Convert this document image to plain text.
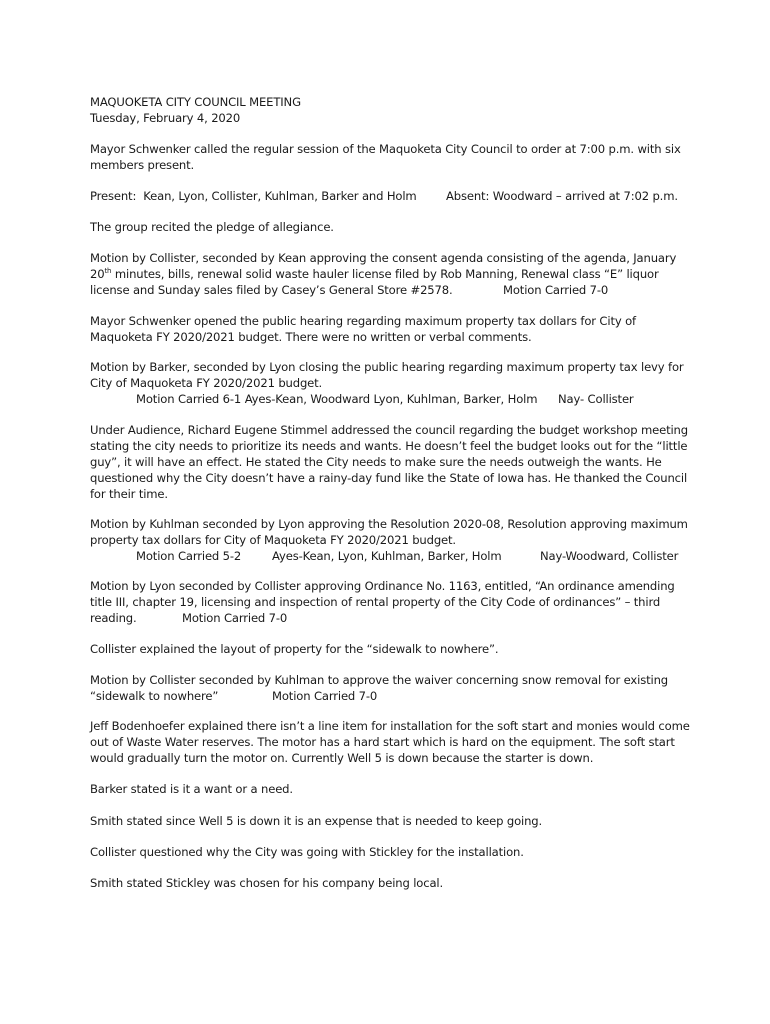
MAQUOKETA CITY COUNCIL MEETING
Tuesday, February 4, 2020
Mayor Schwenker called the regular session of the Maquoketa City Council to order at 7:00 p.m. with six
members present.
Present:  Kean, Lyon, Collister, Kuhlman, Barker and Holm	Absent: Woodward – arrived at 7:02 p.m.
The group recited the pledge of allegiance.
Motion by Collister, seconded by Kean approving the consent agenda consisting of the agenda, January
20th minutes, bills, renewal solid waste hauler license filed by Rob Manning, Renewal class “E” liquor
license and Sunday sales filed by Casey’s General Store #2578.	Motion Carried 7-0
Mayor Schwenker opened the public hearing regarding maximum property tax dollars for City of
Maquoketa FY 2020/2021 budget. There were no written or verbal comments.
Motion by Barker, seconded by Lyon closing the public hearing regarding maximum property tax levy for
City of Maquoketa FY 2020/2021 budget.
Motion Carried 6-1 Ayes-Kean, Woodward Lyon, Kuhlman, Barker, Holm Nay- Collister
Under Audience, Richard Eugene Stimmel addressed the council regarding the budget workshop meeting
stating the city needs to prioritize its needs and wants. He doesn’t feel the budget looks out for the “little
guy”, it will have an effect. He stated the City needs to make sure the needs outweigh the wants. He
questioned why the City doesn’t have a rainy-day fund like the State of Iowa has. He thanked the Council
for their time.
Motion by Kuhlman seconded by Lyon approving the Resolution 2020-08, Resolution approving maximum
property tax dollars for City of Maquoketa FY 2020/2021 budget.
Motion Carried 5-2	Ayes-Kean, Lyon, Kuhlman, Barker, Holm	Nay-Woodward, Collister
Motion by Lyon seconded by Collister approving Ordinance No. 1163, entitled, “An ordinance amending
title III, chapter 19, licensing and inspection of rental property of the City Code of ordinances” – third
reading.	Motion Carried 7-0
Collister explained the layout of property for the “sidewalk to nowhere”.
Motion by Collister seconded by Kuhlman to approve the waiver concerning snow removal for existing
“sidewalk to nowhere”	Motion Carried 7-0
Jeff Bodenhoefer explained there isn’t a line item for installation for the soft start and monies would come
out of Waste Water reserves. The motor has a hard start which is hard on the equipment. The soft start
would gradually turn the motor on. Currently Well 5 is down because the starter is down.
Barker stated is it a want or a need.
Smith stated since Well 5 is down it is an expense that is needed to keep going.
Collister questioned why the City was going with Stickley for the installation.
Smith stated Stickley was chosen for his company being local.
